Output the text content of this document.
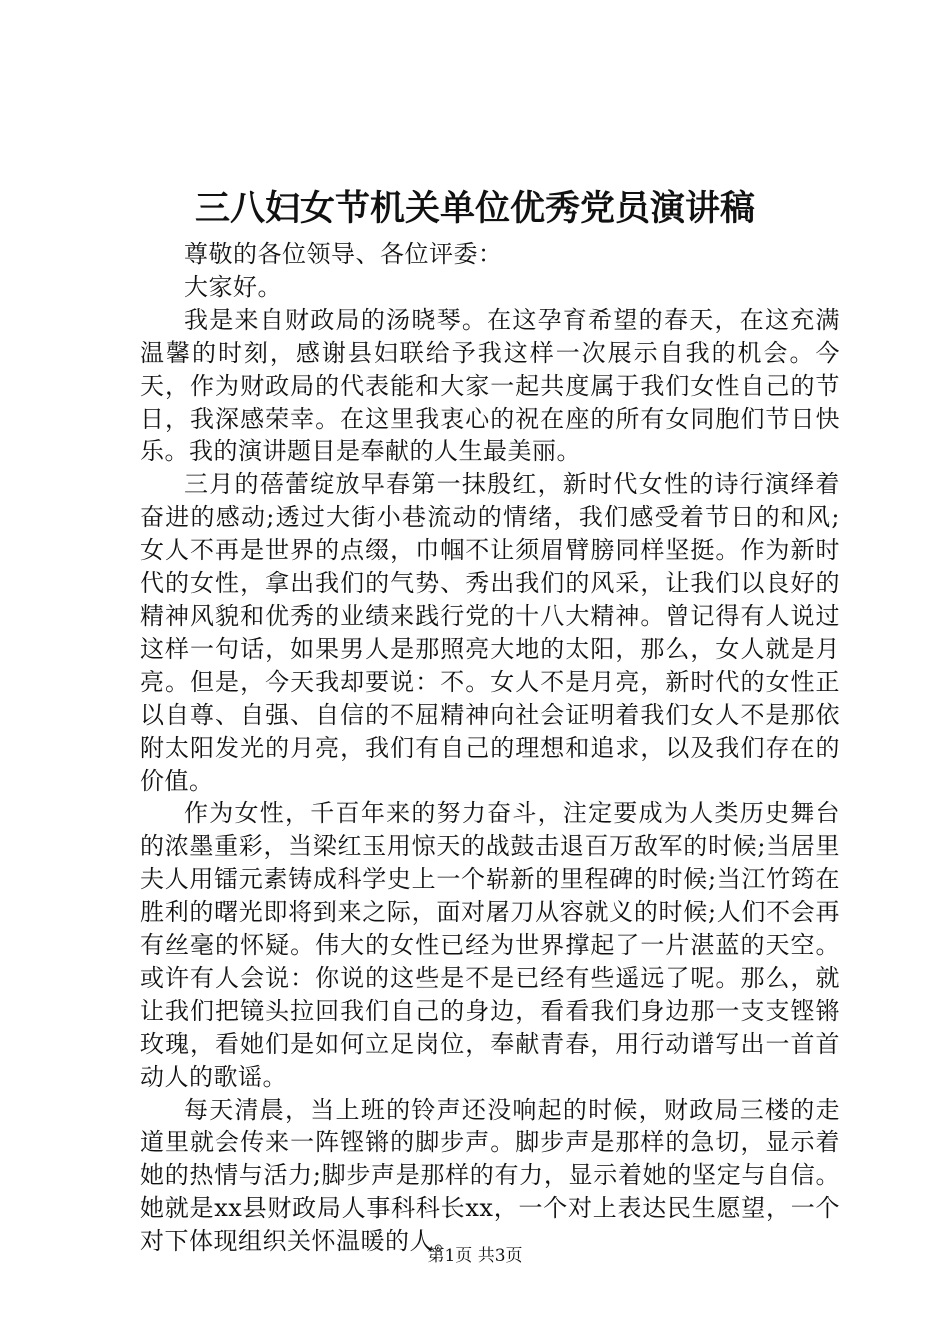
三八妇女节机关单位优秀党员演讲稿

尊敬的各位领导、各位评委：

大家好。

我是来自财政局的汤晓琴。在这孕育希望的春天，在这充满温馨的时刻，感谢县妇联给予我这样一次展示自我的机会。今天，作为财政局的代表能和大家一起共度属于我们女性自己的节日，我深感荣幸。在这里我衷心的祝在座的所有女同胞们节日快乐。我的演讲题目是奉献的人生最美丽。

三月的蓓蕾绽放早春第一抹殷红，新时代女性的诗行演绎着奋进的感动;透过大街小巷流动的情绪，我们感受着节日的和风;女人不再是世界的点缀，巾帼不让须眉臂膀同样坚挺。作为新时代的女性，拿出我们的气势、秀出我们的风采，让我们以良好的精神风貌和优秀的业绩来践行党的十八大精神。曾记得有人说过这样一句话，如果男人是那照亮大地的太阳，那么，女人就是月亮。但是，今天我却要说：不。女人不是月亮，新时代的女性正以自尊、自强、自信的不屈精神向社会证明着我们女人不是那依附太阳发光的月亮，我们有自己的理想和追求，以及我们存在的价值。

作为女性，千百年来的努力奋斗，注定要成为人类历史舞台的浓墨重彩，当梁红玉用惊天的战鼓击退百万敌军的时候;当居里夫人用镭元素铸成科学史上一个崭新的里程碑的时候;当江竹筠在胜利的曙光即将到来之际，面对屠刀从容就义的时候;人们不会再有丝毫的怀疑。伟大的女性已经为世界撑起了一片湛蓝的天空。或许有人会说：你说的这些是不是已经有些遥远了呢。那么，就让我们把镜头拉回我们自己的身边，看看我们身边那一支支铿锵玫瑰，看她们是如何立足岗位，奉献青春，用行动谱写出一首首动人的歌谣。

每天清晨，当上班的铃声还没响起的时候，财政局三楼的走道里就会传来一阵铿锵的脚步声。脚步声是那样的急切，显示着她的热情与活力;脚步声是那样的有力，显示着她的坚定与自信。她就是xx县财政局人事科科长xx，一个对上表达民生愿望，一个对下体现组织关怀温暖的人。

第1页 共3页
